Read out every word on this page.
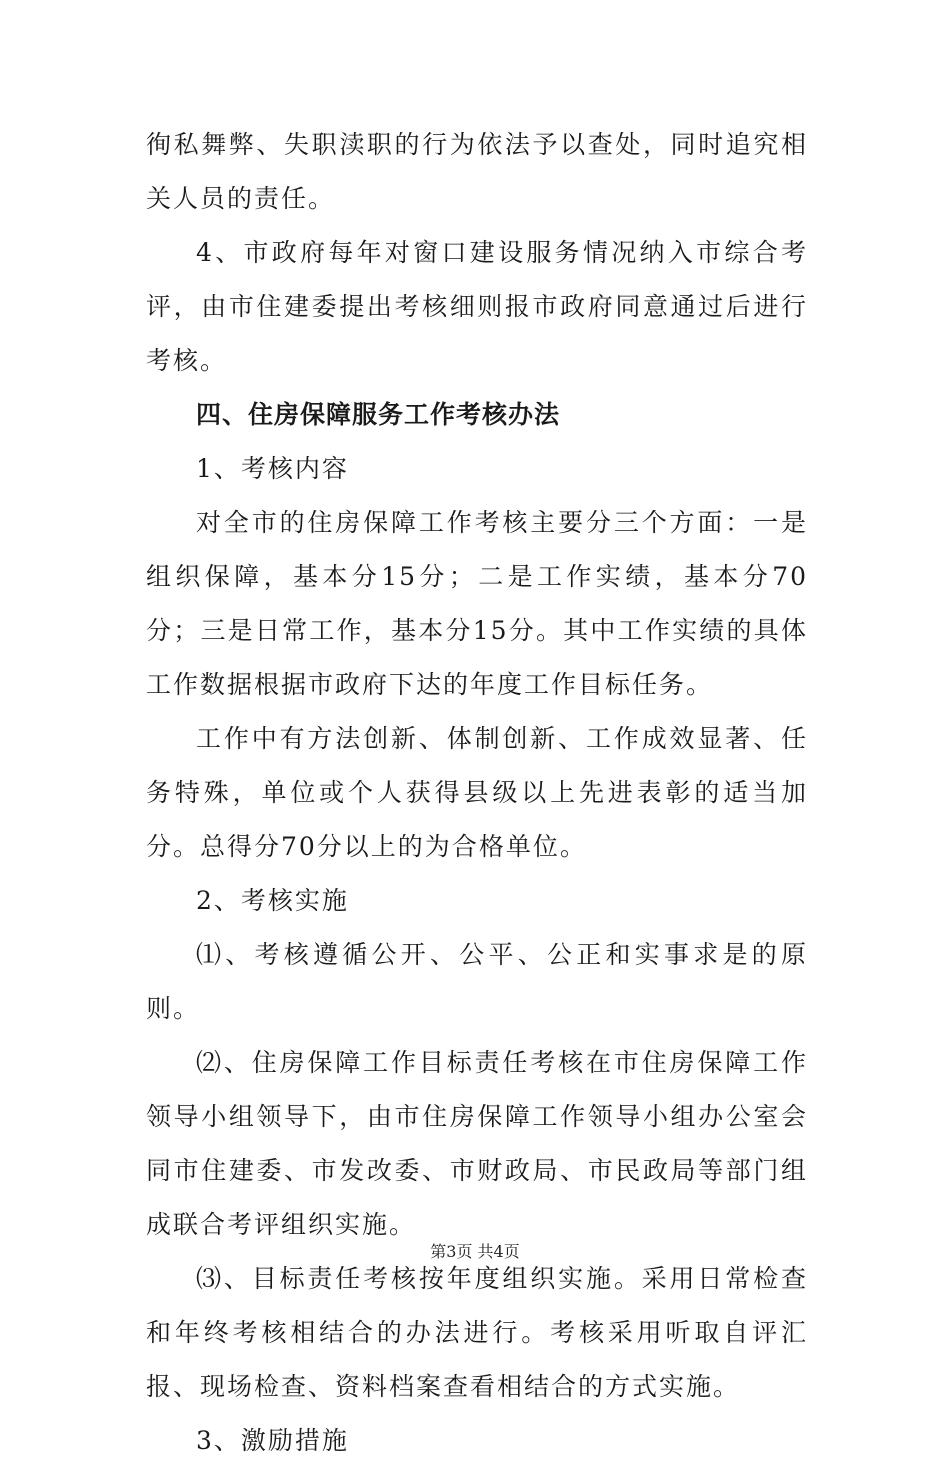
徇私舞弊、失职渎职的行为依法予以查处，同时追究相关人员的责任。

4、市政府每年对窗口建设服务情况纳入市综合考评，由市住建委提出考核细则报市政府同意通过后进行考核。

四、住房保障服务工作考核办法

1、考核内容

对全市的住房保障工作考核主要分三个方面：一是组织保障，基本分15分；二是工作实绩，基本分70分；三是日常工作，基本分15分。其中工作实绩的具体工作数据根据市政府下达的年度工作目标任务。

工作中有方法创新、体制创新、工作成效显著、任务特殊，单位或个人获得县级以上先进表彰的适当加分。总得分70分以上的为合格单位。

2、考核实施

⑴、考核遵循公开、公平、公正和实事求是的原则。

⑵、住房保障工作目标责任考核在市住房保障工作领导小组领导下，由市住房保障工作领导小组办公室会同市住建委、市发改委、市财政局、市民政局等部门组成联合考评组织实施。

⑶、目标责任考核按年度组织实施。采用日常检查和年终考核相结合的办法进行。考核采用听取自评汇报、现场检查、资料档案查看相结合的方式实施。

3、激励措施

第3页 共4页
